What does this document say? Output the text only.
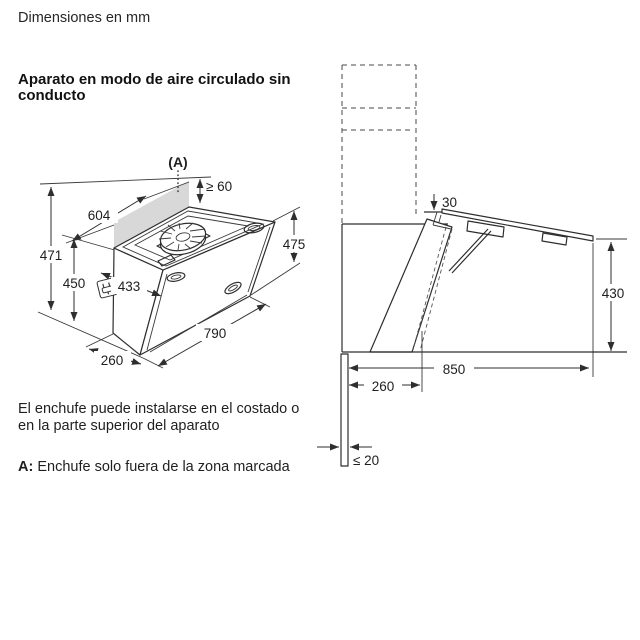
Dimensiones en mm
Aparato en modo de aire circulado sin
conducto
(A)
≥ 60
604
471
450 433
260
790
475
30
430
850
260
≤ 20
El enchufe puede instalarse en el costado o
en la parte superior del aparato
A: Enchufe solo fuera de la zona marcada
